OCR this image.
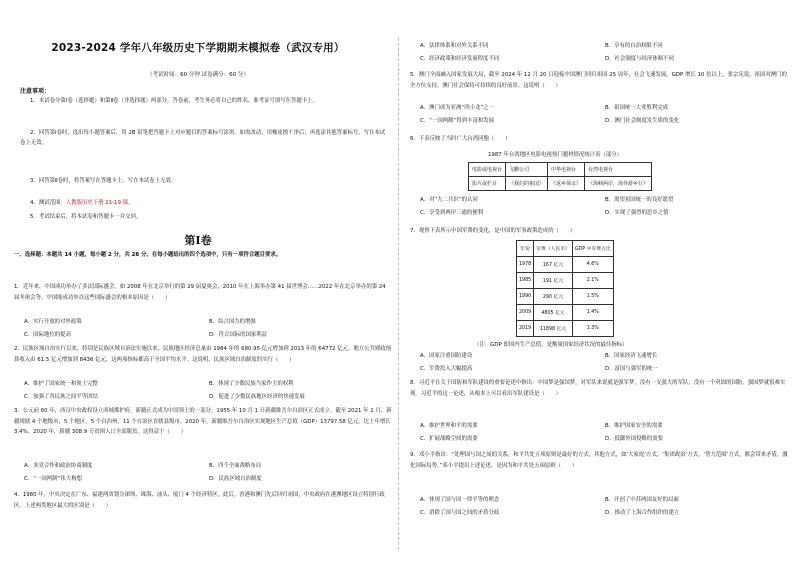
2023-2024 学年八年级历史下学期期末模拟卷（武汉专用）
（考试时间：60 分钟 试卷满分：60 分）
注意事项：
1．本试卷分第Ⅰ卷（选择题）和第Ⅱ卷（非选择题）两部分。答卷前，考生务必将自己的姓名、准考证号填写在答题卡上。
2．回答第Ⅰ卷时，选出每小题答案后，用 2B 铅笔把答题卡上对应题目的答案标号涂黑。如需改动，用橡皮擦干净后，再选涂其他答案标号。写在本试卷上无效。
3．回答第Ⅱ卷时，将答案写在答题卡上。写在本试卷上无效。
4．测试范围：人教版历史下册 11-19 课。
5．考试结束后，将本试卷和答题卡一并交回。
第Ⅰ卷
一、选择题：本题共 14 小题，每小题 2 分，共 28 分。在每小题给出的四个选项中，只有一项符合题目要求。
1．近年来，中国成功举办了多次国际盛会，如 2008 年在北京举行的第 29 届夏奥会，2010 年在上海举办第 41 届世博会……2022 年在北京举办的第 24 届冬奥会等。中国能成功举办这些国际盛会的根本原因是（　　）
A．实行开放的对外政策	B．综合国力的增强
C．国际地位的提高	D．符合国际的国家利益
2．民族区域自治实行以来，特别是民族区域自治法实施以来，民族地区经济总量由 1984 年的 680.95 亿元增加到 2013 年的 64772 亿元，地方公共财政预算收入由 61.5 亿元增加到 8436 亿元，这两项指标都高于全国平均水平。这说明，民族区域自治制度的实行（　　）
A．维护了国家统一和领土完整	B．体现了少数民族当家作主的权利
C．加强了各民族之间平等团结	D．促进了少数民族地区经济的快速发展
3．公元前 60 年，西汉中央政权设立西域都护府，新疆正式成为中国领土的一部分。1955 年 10 月 1 日新疆维吾尔自治区正式成立。截至 2021 年 2 月，新疆现辖 4 个地级市，5 个地区，5 个自治州，11 个自治区直辖县级市。2020 年，新疆维吾尔自治区实现地区生产总值（GDP）13797.58 亿元，比上年增长 3.4%。2020 年，新疆 308.9 万贫困人口全部脱贫。这得益于（　　）
A．多党合作和政治协商制度	B．四个全面战略布局
C．“一国两制”伟大构想	D．民族区域自治制度
4．1980 年，中央决定在广东、福建两省划分深圳、珠海、汕头、厦门 4 个经济特区。此后，香港和澳门先后回归祖国，中央政府在港澳地区设立特别行政区。上述两类地区最大的区别是（　　）
A．法律体系和对外关系不同	B．享有的自治权限不同
C．经济政策和经济发展程度不同	D．社会制度与经济体制不同
5．澳门全面融入国家发展大局，截至 2024 年 12 月 20 日迎接中国澳门回归祖国 25 周年，社会飞速发展，GDP 增长 10 倍以上，张宗宪说，祖国对澳门的全方位支持，澳门社会保持可持续的良好前景。这说明（　　）
A．澳门成为亚洲“四小龙”之一	B．祖国统一大业胜利完成
C．“一国两制”得到丰富和发展	D．澳门社会制度发生质的变化
6．下表反映了当时广大台湾同胞（　　）
1987 年台湾地区电影电视热门题材情况统计表（部分）
电影或电视台	飞鹏公司	中华电视台	台湾电视台
影片或栏目	《我们的祖国》	《返乡探亲》	《海峡两岸，海外游乡行》
A．对“九二共识”的认同	B．渴望祖国统一的良好愿望
C．享受到两岸三通的便利	D．实现了强烈的思乡之情
7．观察下表所示中国军费的变化，是中国的军事政策造成的（　　）
年份	军费（人民币）	GDP 中军费占比
1978	167 亿元	4.6%
1985	191 亿元	2.1%
1990	290 亿元	1.5%
2009	4805 亿元	1.4%
2019	11898 亿元	1.3%
（注：GDP 即国内生产总值，是衡量国家经济状况的最佳指标）
A．国家注重国防建设	B．国家经济飞速增长
C．军费投入大幅提高	D．富国与强军的统一
8．习近平在关于国防和军队建设的重要论述中指出：中国梦是强国梦，对军队来说就是强军梦，没有一支强大的军队，没有一个巩固的国防，强国梦就很难实现。习近平的这一论述，从根本上可以看出军队建设是（　　）
A．维护世界和平的需要	B．维护国家安全的需要
C．扩展战略空间的需要	D．抵御外国侵略的需要
9．邓小平指出：“处理国与国之间的关系，和平共处五项原则是最好的方式。其他方式，如‘大家庭’方式，‘集团政治’方式，‘势力范围’方式，都会带来矛盾，激化国际局势。”邓小平提出上述论述，是因为和平共处五项原则（　　）
A．体现了国与国一律平等的理念	B．开创了中苏两国友好的局面
C．消除了国与国之间的矛盾分歧	D．推动了上海合作组织的建立
